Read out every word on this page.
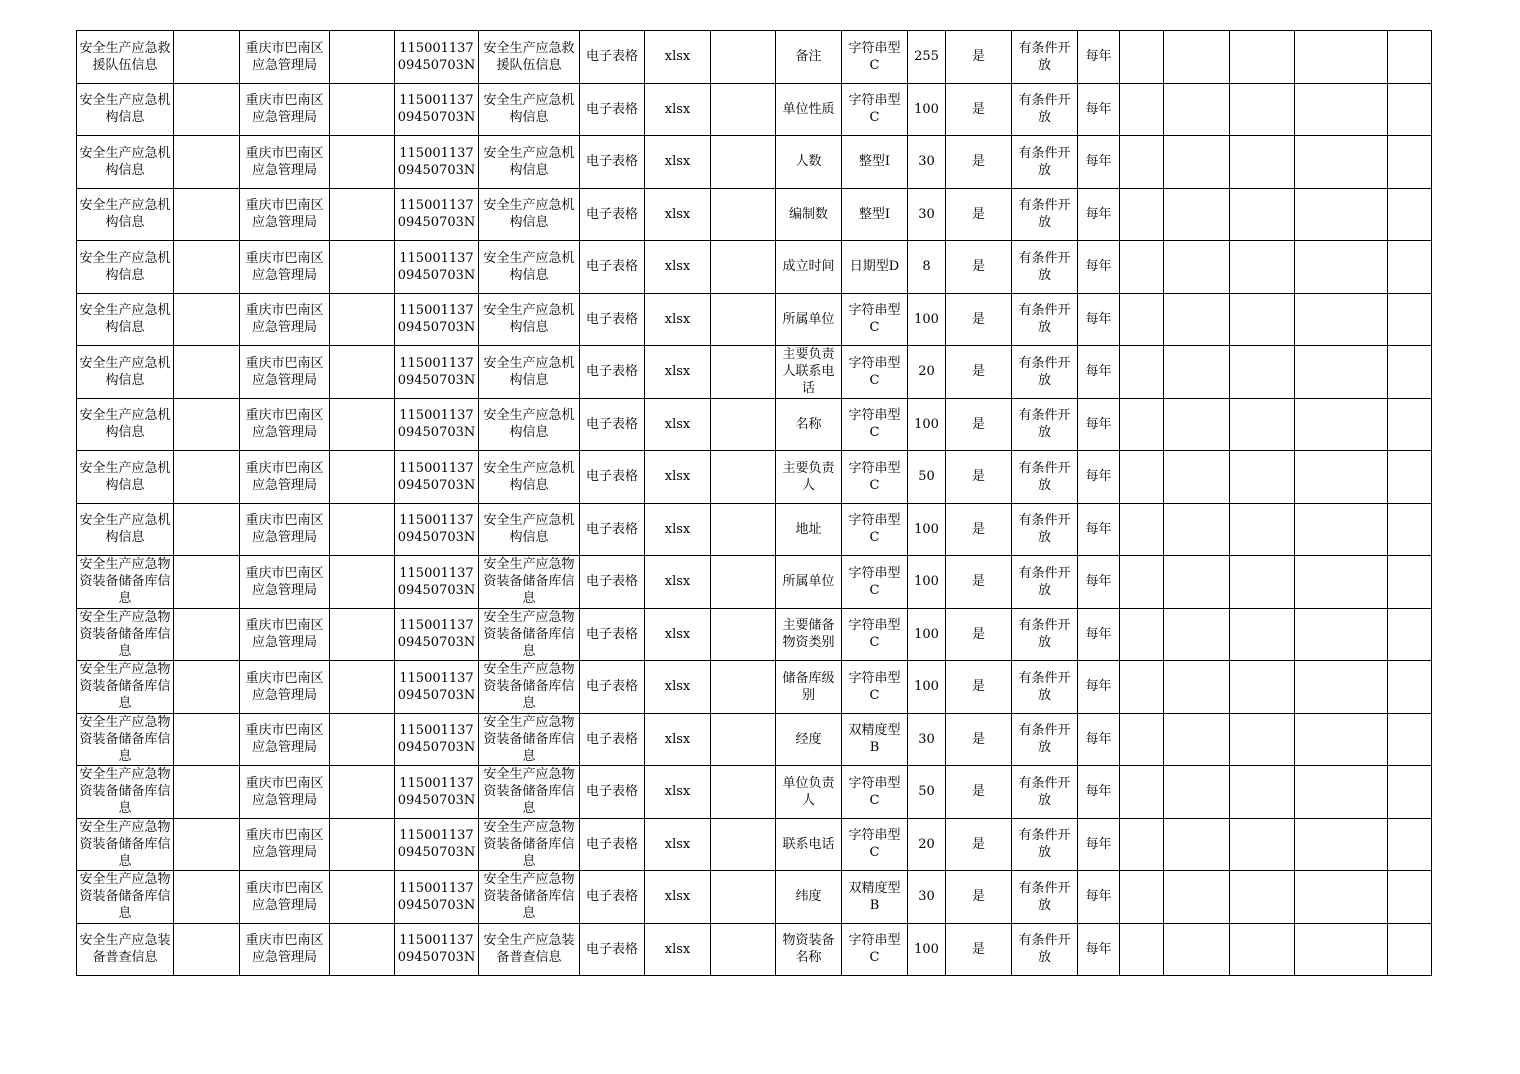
安全生产应急救援队伍信息		重庆市巴南区应急管理局		11500113709450703N	安全生产应急救援队伍信息	电子表格	xlsx		备注	字符串型C	255	是	有条件开放	每年					
安全生产应急机构信息		重庆市巴南区应急管理局		11500113709450703N	安全生产应急机构信息	电子表格	xlsx		单位性质	字符串型C	100	是	有条件开放	每年					
安全生产应急机构信息		重庆市巴南区应急管理局		11500113709450703N	安全生产应急机构信息	电子表格	xlsx		人数	整型I	30	是	有条件开放	每年					
安全生产应急机构信息		重庆市巴南区应急管理局		11500113709450703N	安全生产应急机构信息	电子表格	xlsx		编制数	整型I	30	是	有条件开放	每年					
安全生产应急机构信息		重庆市巴南区应急管理局		11500113709450703N	安全生产应急机构信息	电子表格	xlsx		成立时间	日期型D	8	是	有条件开放	每年					
安全生产应急机构信息		重庆市巴南区应急管理局		11500113709450703N	安全生产应急机构信息	电子表格	xlsx		所属单位	字符串型C	100	是	有条件开放	每年					
安全生产应急机构信息		重庆市巴南区应急管理局		11500113709450703N	安全生产应急机构信息	电子表格	xlsx		主要负责人联系电话	字符串型C	20	是	有条件开放	每年					
安全生产应急机构信息		重庆市巴南区应急管理局		11500113709450703N	安全生产应急机构信息	电子表格	xlsx		名称	字符串型C	100	是	有条件开放	每年					
安全生产应急机构信息		重庆市巴南区应急管理局		11500113709450703N	安全生产应急机构信息	电子表格	xlsx		主要负责人	字符串型C	50	是	有条件开放	每年					
安全生产应急机构信息		重庆市巴南区应急管理局		11500113709450703N	安全生产应急机构信息	电子表格	xlsx		地址	字符串型C	100	是	有条件开放	每年					
安全生产应急物资装备储备库信息		重庆市巴南区应急管理局		11500113709450703N	安全生产应急物资装备储备库信息	电子表格	xlsx		所属单位	字符串型C	100	是	有条件开放	每年					
安全生产应急物资装备储备库信息		重庆市巴南区应急管理局		11500113709450703N	安全生产应急物资装备储备库信息	电子表格	xlsx		主要储备物资类别	字符串型C	100	是	有条件开放	每年					
安全生产应急物资装备储备库信息		重庆市巴南区应急管理局		11500113709450703N	安全生产应急物资装备储备库信息	电子表格	xlsx		储备库级别	字符串型C	100	是	有条件开放	每年					
安全生产应急物资装备储备库信息		重庆市巴南区应急管理局		11500113709450703N	安全生产应急物资装备储备库信息	电子表格	xlsx		经度	双精度型B	30	是	有条件开放	每年					
安全生产应急物资装备储备库信息		重庆市巴南区应急管理局		11500113709450703N	安全生产应急物资装备储备库信息	电子表格	xlsx		单位负责人	字符串型C	50	是	有条件开放	每年					
安全生产应急物资装备储备库信息		重庆市巴南区应急管理局		11500113709450703N	安全生产应急物资装备储备库信息	电子表格	xlsx		联系电话	字符串型C	20	是	有条件开放	每年					
安全生产应急物资装备储备库信息		重庆市巴南区应急管理局		11500113709450703N	安全生产应急物资装备储备库信息	电子表格	xlsx		纬度	双精度型B	30	是	有条件开放	每年					
安全生产应急装备普查信息		重庆市巴南区应急管理局		11500113709450703N	安全生产应急装备普查信息	电子表格	xlsx		物资装备名称	字符串型C	100	是	有条件开放	每年					
